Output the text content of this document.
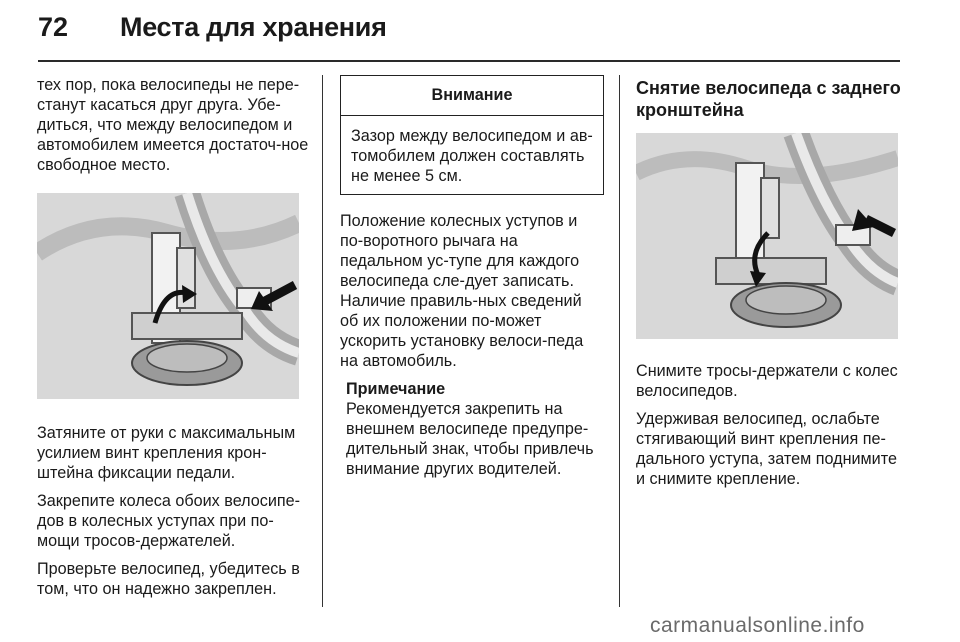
72	Места для хранения

тех пор, пока велосипеды не пере-станут касаться друг друга. Убе-диться, что между велосипедом и автомобилем имеется достаточ-ное свободное место.

Затяните от руки с максимальным усилием винт крепления крон-штейна фиксации педали.

Закрепите колеса обоих велосипе-дов в колесных уступах при по-мощи тросов-держателей.

Проверьте велосипед, убедитесь в том, что он надежно закреплен.

Внимание
Зазор между велосипедом и ав-томобилем должен составлять не менее 5 см.

Положение колесных уступов и по-воротного рычага на педальном ус-тупе для каждого велосипеда сле-дует записать. Наличие правиль-ных сведений об их положении по-может ускорить установку велоси-педа на автомобиль.

Примечание
Рекомендуется закрепить на внешнем велосипеде предупре-дительный знак, чтобы привлечь внимание других водителей.
Снятие велосипеда с заднего кронштейна

Снимите тросы-держатели с колес велосипедов.

Удерживая велосипед, ослабьте стягивающий винт крепления пе-дального уступа, затем поднимите и снимите крепление.

carmanualsonline.info
